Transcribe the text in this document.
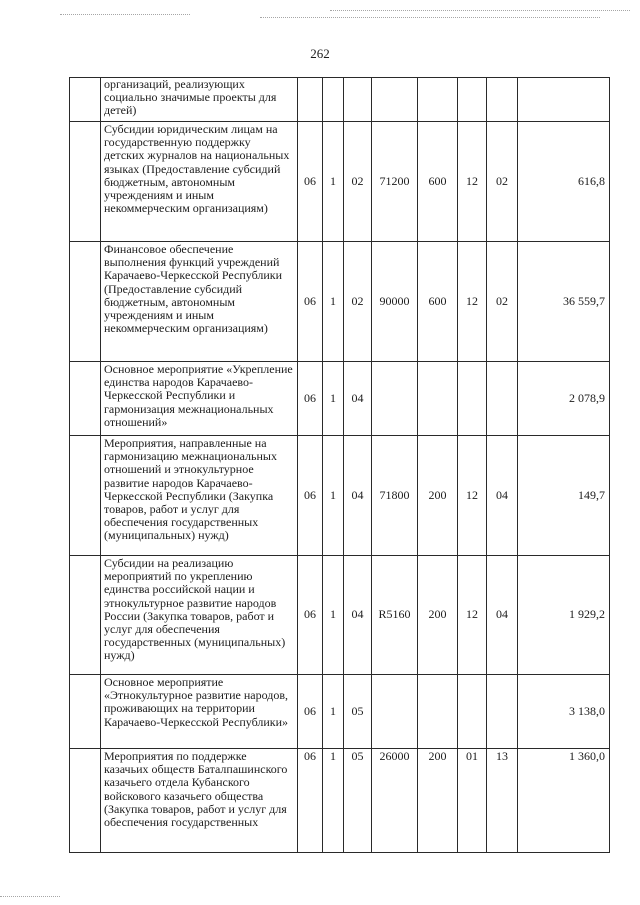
262
	организаций, реализующих социально значимые проекты для детей)								
	Субсидии юридическим лицам на государственную поддержку детских журналов на национальных языках (Предоставление субсидий бюджетным, автономным учреждениям и иным некоммерческим организациям)	06	1	02	71200	600	12	02	616,8
	Финансовое обеспечение выполнения функций учреждений Карачаево-Черкесской Республики (Предоставление субсидий бюджетным, автономным учреждениям и иным некоммерческим организациям)	06	1	02	90000	600	12	02	36 559,7
	Основное мероприятие «Укрепление единства народов Карачаево-Черкесской Республики и гармонизация межнациональных отношений»	06	1	04					2 078,9
	Мероприятия, направленные на гармонизацию межнациональных отношений и этнокультурное развитие народов Карачаево-Черкесской Республики (Закупка товаров, работ и услуг для обеспечения государственных (муниципальных) нужд)	06	1	04	71800	200	12	04	149,7
	Субсидии на реализацию мероприятий по укреплению единства российской нации и этнокультурное развитие народов России (Закупка товаров, работ и услуг для обеспечения государственных (муниципальных) нужд)	06	1	04	R5160	200	12	04	1 929,2
	Основное мероприятие «Этнокультурное развитие народов, проживающих на территории Карачаево-Черкесской Республики»	06	1	05					3 138,0
	Мероприятия по поддержке казачьих обществ Баталпашинского казачьего отдела Кубанского войскового казачьего общества (Закупка товаров, работ и услуг для обеспечения государственных	06	1	05	26000	200	01	13	1 360,0
